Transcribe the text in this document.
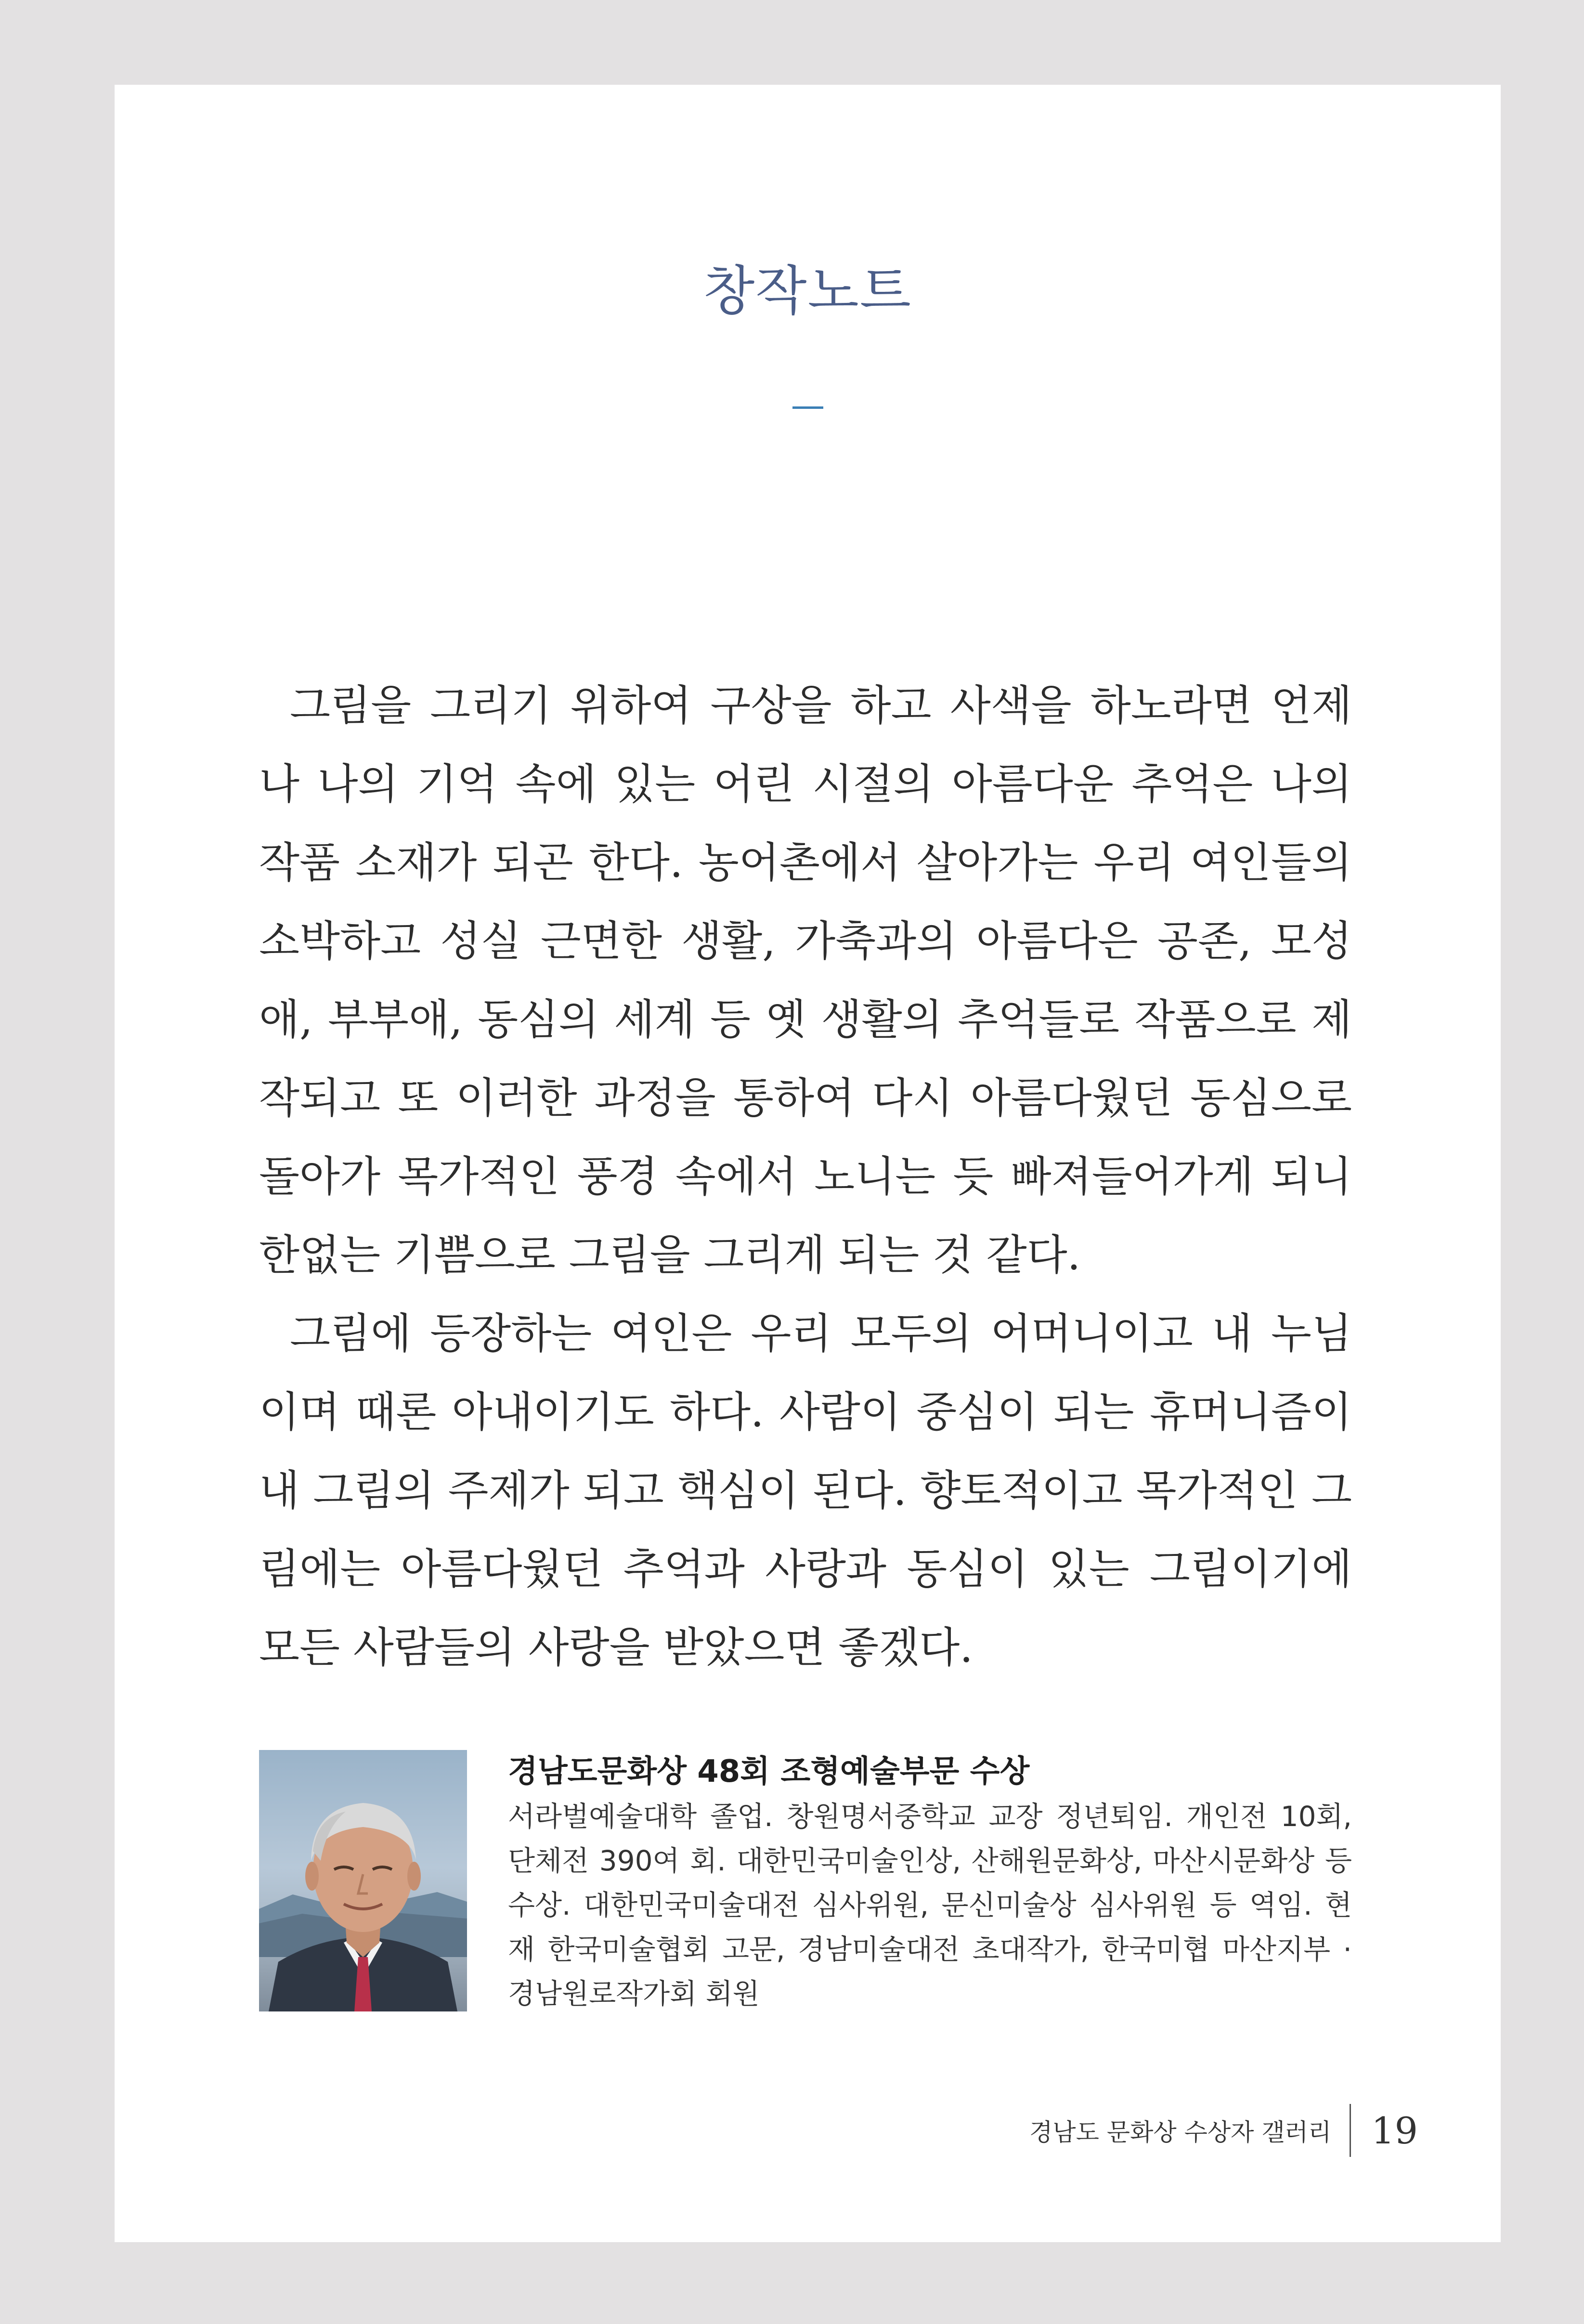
창작노트

그림을 그리기 위하여 구상을 하고 사색을 하노라면 언제나 나의 기억 속에 있는 어린 시절의 아름다운 추억은 나의 작품 소재가 되곤 한다. 농어촌에서 살아가는 우리 여인들의 소박하고 성실 근면한 생활, 가축과의 아름다은 공존, 모성애, 부부애, 동심의 세계 등 옛 생활의 추억들로 작품으로 제작되고 또 이러한 과정을 통하여 다시 아름다웠던 동심으로 돌아가 목가적인 풍경 속에서 노니는 듯 빠져들어가게 되니 한없는 기쁨으로 그림을 그리게 되는 것 같다.

그림에 등장하는 여인은 우리 모두의 어머니이고 내 누님이며 때론 아내이기도 하다. 사람이 중심이 되는 휴머니즘이 내 그림의 주제가 되고 핵심이 된다. 향토적이고 목가적인 그림에는 아름다웠던 추억과 사랑과 동심이 있는 그림이기에 모든 사람들의 사랑을 받았으면 좋겠다.

경남도문화상 48회 조형예술부문 수상

서라벌예술대학 졸업. 창원명서중학교 교장 정년퇴임. 개인전 10회, 단체전 390여 회. 대한민국미술인상, 산해원문화상, 마산시문화상 등 수상. 대한민국미술대전 심사위원, 문신미술상 심사위원 등 역임. 현재 한국미술협회 고문, 경남미술대전 초대작가, 한국미협 마산지부 · 경남원로작가회 회원

경남도 문화상 수상자 갤러리	19
